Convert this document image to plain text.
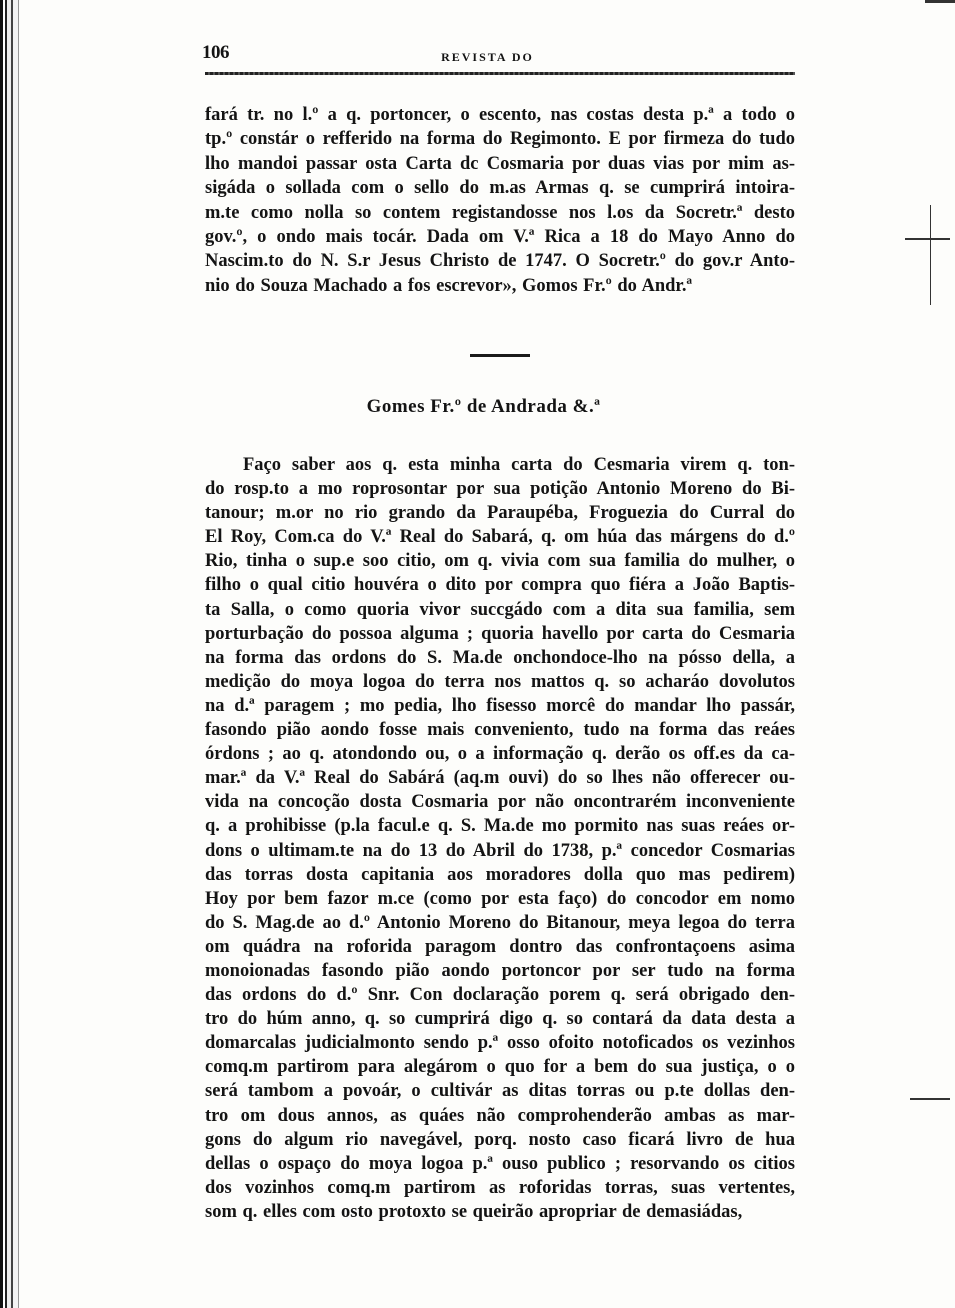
106	REVISTA DO
fará tr. no l.º a q. portoncer, o escento, nas costas desta p.ª a todo o
tp.º constár o refferido na forma do Regimonto. E por firmeza do tudo
lho mandoi passar osta Carta dc Cosmaria por duas vias por mim as-
sigáda o sollada com o sello do m.as Armas q. se cumprirá intoira-
m.te como nolla so contem registandosse nos l.os da Socretr.ª desto
gov.º, o ondo mais tocár. Dada om V.ª Rica a 18 do Mayo Anno do
Nascim.to do N. S.r Jesus Christo de 1747. O Socretr.º do gov.r Anto-
nio do Souza Machado a fos escrevor», Gomos Fr.º do Andr.ª
Gomes Fr.º de Andrada &.ª
Faço saber aos q. esta minha carta do Cesmaria virem q. ton-
do rosp.to a mo roprosontar por sua potição Antonio Moreno do Bi-
tanour; m.or no rio grando da Paraupéba, Froguezia do Curral do
El Roy, Com.ca do V.ª Real do Sabará, q. om húa das márgens do d.º
Rio, tinha o sup.e soo citio, om q. vivia com sua familia do mulher, o
filho o qual citio houvéra o dito por compra quo fiéra a João Baptis-
ta Salla, o como quoria vivor succgádo com a dita sua familia, sem
porturbação do possoa alguma ; quoria havello por carta do Cesmaria
na forma das ordons do S. Ma.de onchondoce-lho na pósso della, a
medição do moya logoa do terra nos mattos q. so acharáo dovolutos
na d.ª paragem ; mo pedia, lho fisesso morcê do mandar lho passár,
fasondo pião aondo fosse mais conveniento, tudo na forma das reáes
órdons ; ao q. atondondo ou, o a informação q. derão os off.es da ca-
mar.ª da V.ª Real do Sabárá (aq.m ouvi) do so lhes não offerecer ou-
vida na concoção dosta Cosmaria por não oncontrarém inconveniente
q. a prohibisse (p.la facul.e q. S. Ma.de mo pormito nas suas reáes or-
dons o ultimam.te na do 13 do Abril do 1738, p.ª concedor Cosmarias
das torras dosta capitania aos moradores dolla quo mas pedirem)
Hoy por bem fazor m.ce (como por esta faço) do concodor em nomo
do S. Mag.de ao d.º Antonio Moreno do Bitanour, meya legoa do terra
om quádra na roforida paragom dontro das confrontaçoens asima
monoionadas fasondo pião aondo portoncor por ser tudo na forma
das ordons do d.º Snr. Con doclaração porem q. será obrigado den-
tro do húm anno, q. so cumprirá digo q. so contará da data desta a
domarcalas judicialmonto sendo p.ª osso ofoito notoficados os vezinhos
comq.m partirom para alegárom o quo for a bem do sua justiça, o o
será tambom a povoár, o cultivár as ditas torras ou p.te dollas den-
tro om dous annos, as quáes não comprohenderão ambas as mar-
gons do algum rio navegável, porq. nosto caso ficará livro de hua
dellas o ospaço do moya logoa p.ª ouso publico ; resorvando os citios
dos vozinhos comq.m partirom as roforidas torras, suas vertentes,
som q. elles com osto protoxto se queirão apropriar de demasiádas,
